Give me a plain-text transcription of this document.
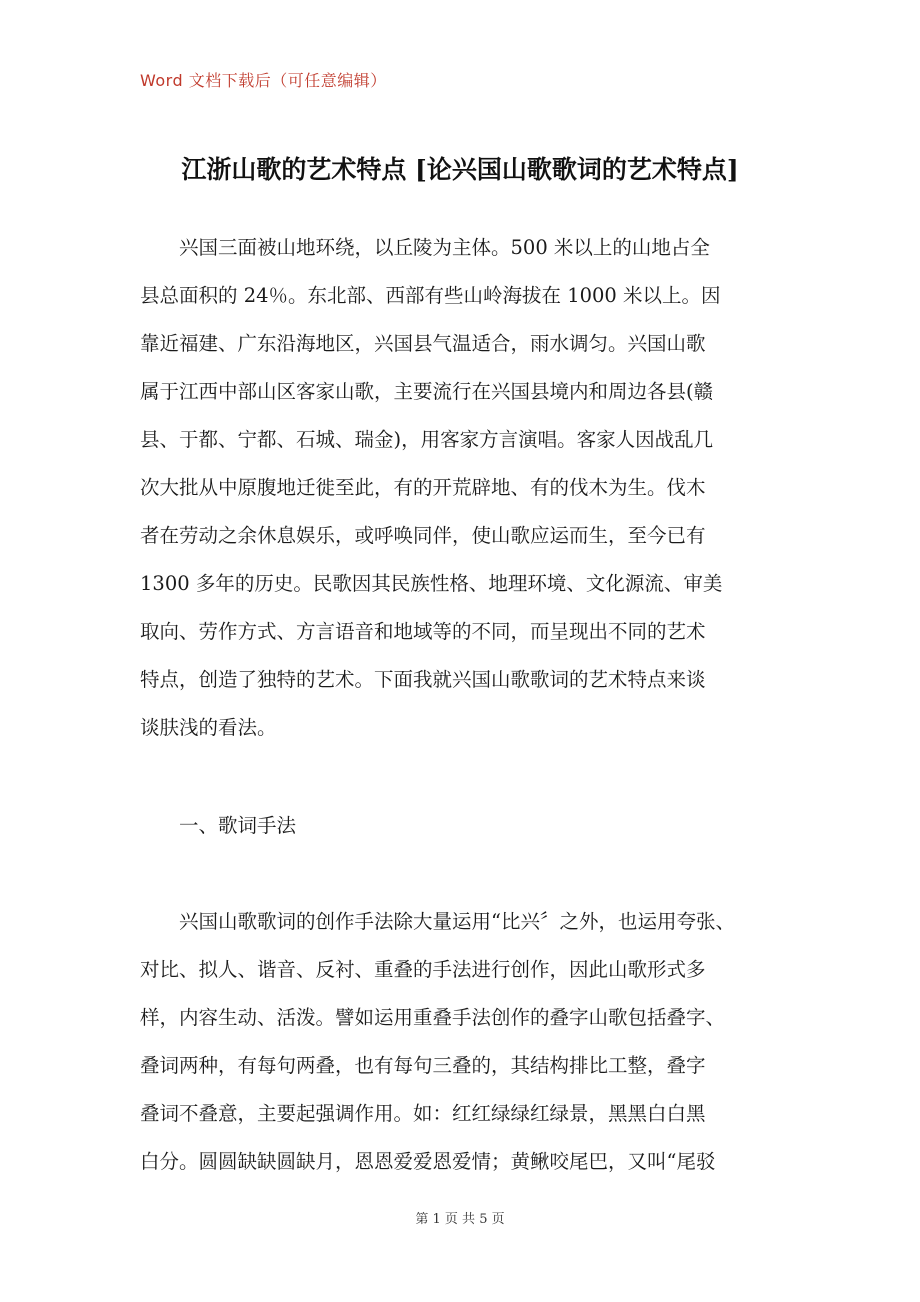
Word 文档下载后（可任意编辑）
江浙山歌的艺术特点 [论兴国山歌歌词的艺术特点]
　　兴国三面被山地环绕，以丘陵为主体。500 米以上的山地占全
县总面积的 24％。东北部、西部有些山岭海拔在 1000 米以上。因
靠近福建、广东沿海地区，兴国县气温适合，雨水调匀。兴国山歌
属于江西中部山区客家山歌，主要流行在兴国县境内和周边各县(赣
县、于都、宁都、石城、瑞金)，用客家方言演唱。客家人因战乱几
次大批从中原腹地迁徙至此，有的开荒辟地、有的伐木为生。伐木
者在劳动之余休息娱乐，或呼唤同伴，使山歌应运而生，至今已有
1300 多年的历史。民歌因其民族性格、地理环境、文化源流、审美
取向、劳作方式、方言语音和地域等的不同，而呈现出不同的艺术
特点，创造了独特的艺术。下面我就兴国山歌歌词的艺术特点来谈
谈肤浅的看法。
　　一、歌词手法
　　兴国山歌歌词的创作手法除大量运用“比兴〞之外，也运用夸张、
对比、拟人、谐音、反衬、重叠的手法进行创作，因此山歌形式多
样，内容生动、活泼。譬如运用重叠手法创作的叠字山歌包括叠字、
叠词两种，有每句两叠，也有每句三叠的，其结构排比工整，叠字
叠词不叠意，主要起强调作用。如：红红绿绿红绿景，黑黑白白黑
白分。圆圆缺缺圆缺月，恩恩爱爱恩爱情；黄鳅咬尾巴，又叫“尾驳
第 1 页 共 5 页
